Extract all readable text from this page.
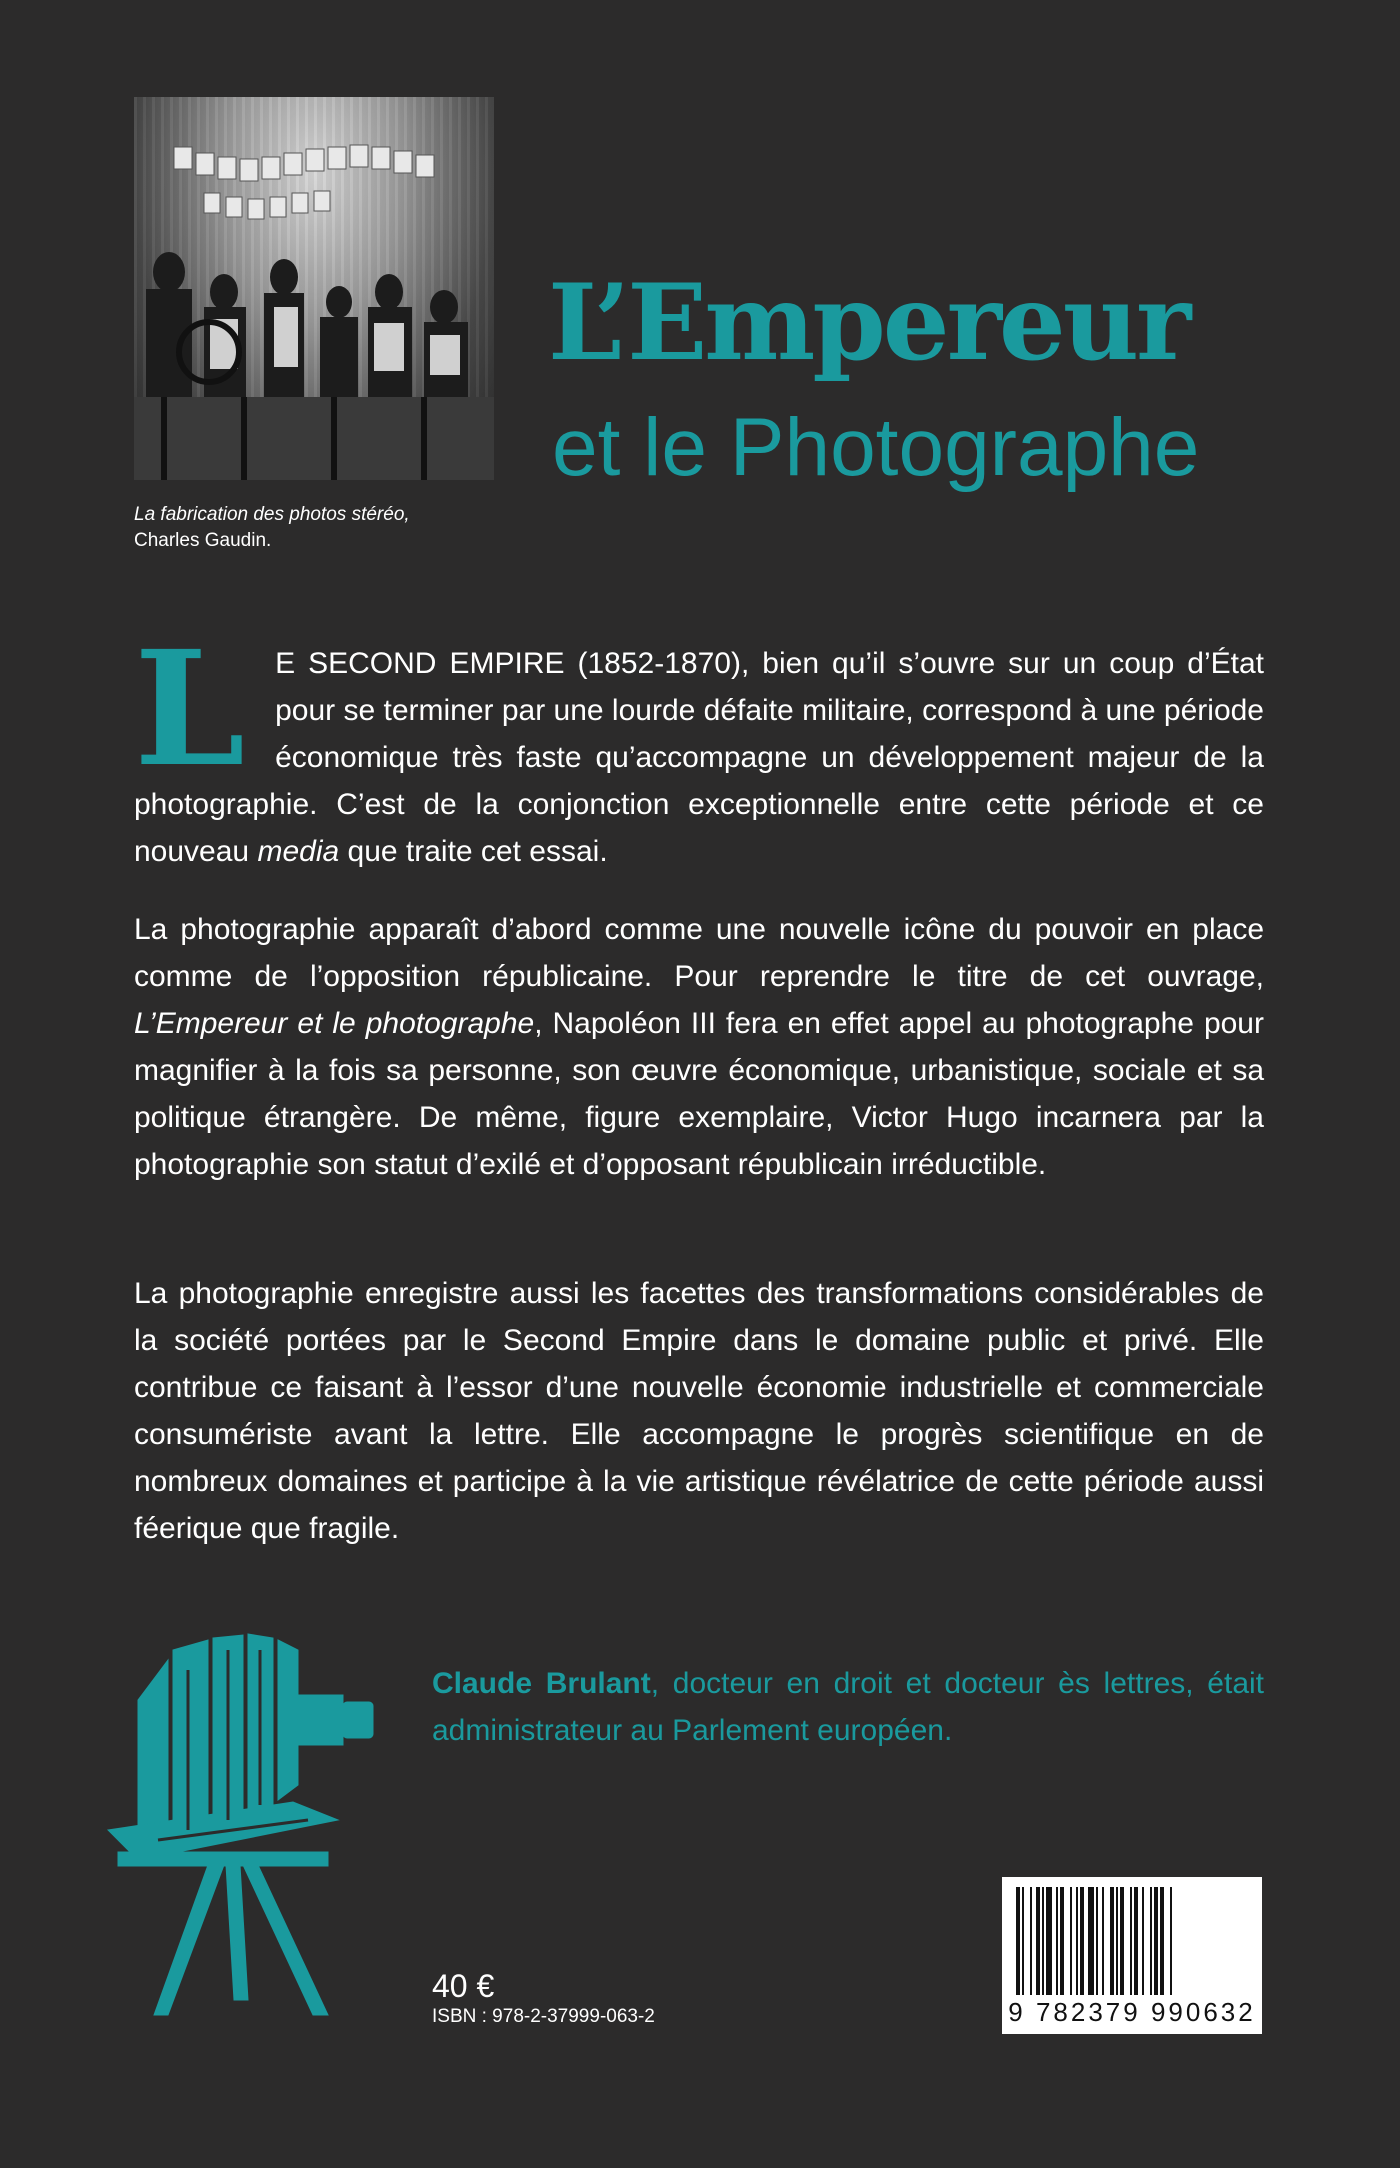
La fabrication des photos stéréo,
Charles Gaudin.
L’Empereur
et le Photographe
L E SECOND EMPIRE (1852-1870), bien qu’il s’ouvre sur un coup d’État pour se terminer par une lourde défaite militaire, correspond à une période économique très faste qu’accompagne un développement majeur de la photographie. C’est de la conjonction exceptionnelle entre cette période et ce nouveau media que traite cet essai.
La photographie apparaît d’abord comme une nouvelle icône du pouvoir en place comme de l’opposition républicaine. Pour reprendre le titre de cet ouvrage, L’Empereur et le photographe, Napoléon III fera en effet appel au photographe pour magnifier à la fois sa personne, son œuvre économique, urbanistique, sociale et sa politique étrangère. De même, figure exemplaire, Victor Hugo incarnera par la photographie son statut d’exilé et d’opposant républicain irréductible.
La photographie enregistre aussi les facettes des transformations considérables de la société portées par le Second Empire dans le domaine public et privé. Elle contribue ce faisant à l’essor d’une nouvelle économie industrielle et commerciale consumériste avant la lettre. Elle accompagne le progrès scientifique en de nombreux domaines et participe à la vie artistique révélatrice de cette période aussi féerique que fragile.
Claude Brulant, docteur en droit et docteur ès lettres, était administrateur au Parlement européen.
40 €
ISBN : 978-2-37999-063-2	9 782379 990632
